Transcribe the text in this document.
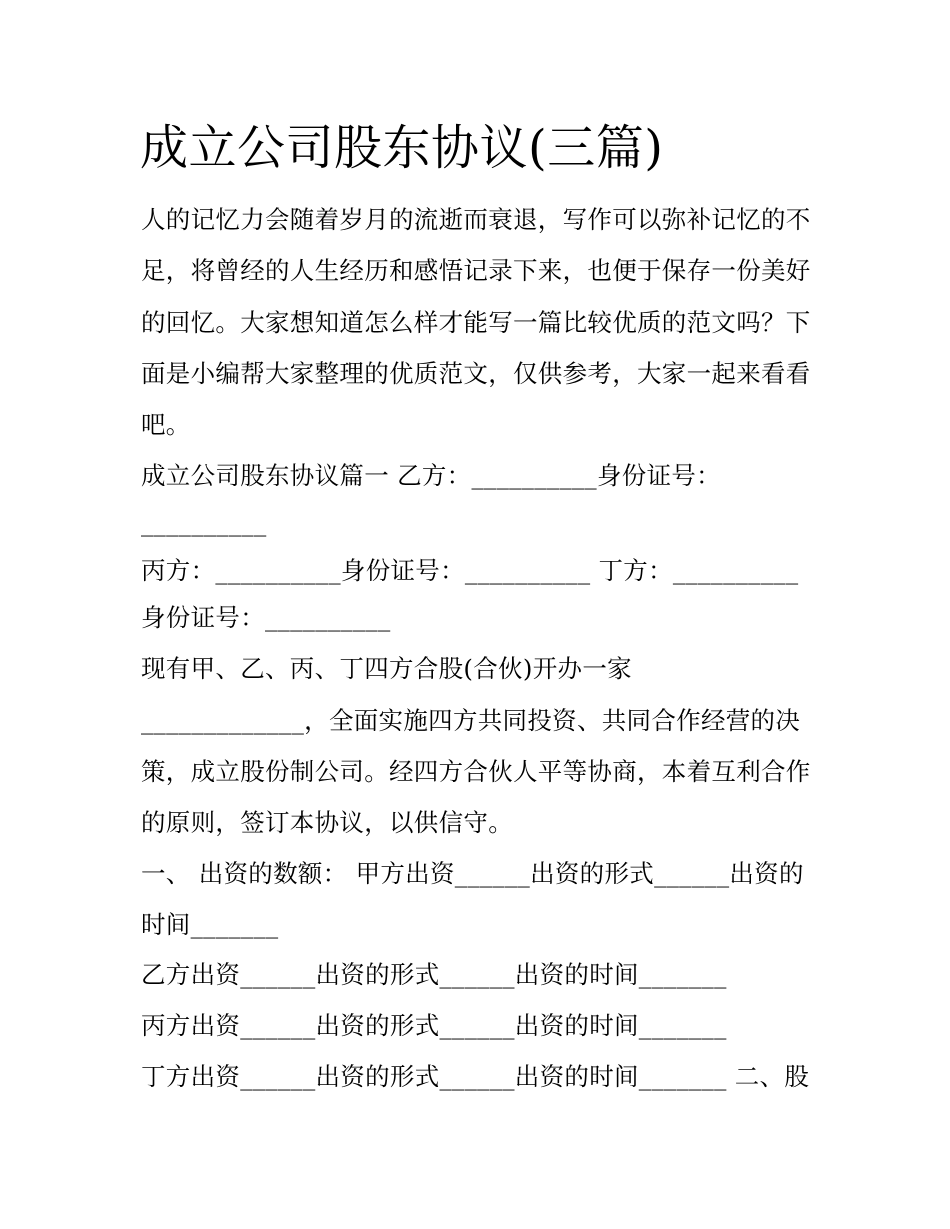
成立公司股东协议(三篇)

人的记忆力会随着岁月的流逝而衰退，写作可以弥补记忆的不

足，将曾经的人生经历和感悟记录下来，也便于保存一份美好

的回忆。大家想知道怎么样才能写一篇比较优质的范文吗？下

面是小编帮大家整理的优质范文，仅供参考，大家一起来看看

吧。

成立公司股东协议篇一 乙方：__________身份证号：

__________

丙方：__________身份证号：__________ 丁方：__________

身份证号：__________

现有甲、乙、丙、丁四方合股(合伙)开办一家

_____________，全面实施四方共同投资、共同合作经营的决

策，成立股份制公司。经四方合伙人平等协商，本着互利合作

的原则，签订本协议，以供信守。

一、 出资的数额： 甲方出资______出资的形式______出资的

时间_______

乙方出资______出资的形式______出资的时间_______

丙方出资______出资的形式______出资的时间_______

丁方出资______出资的形式______出资的时间_______ 二、股
